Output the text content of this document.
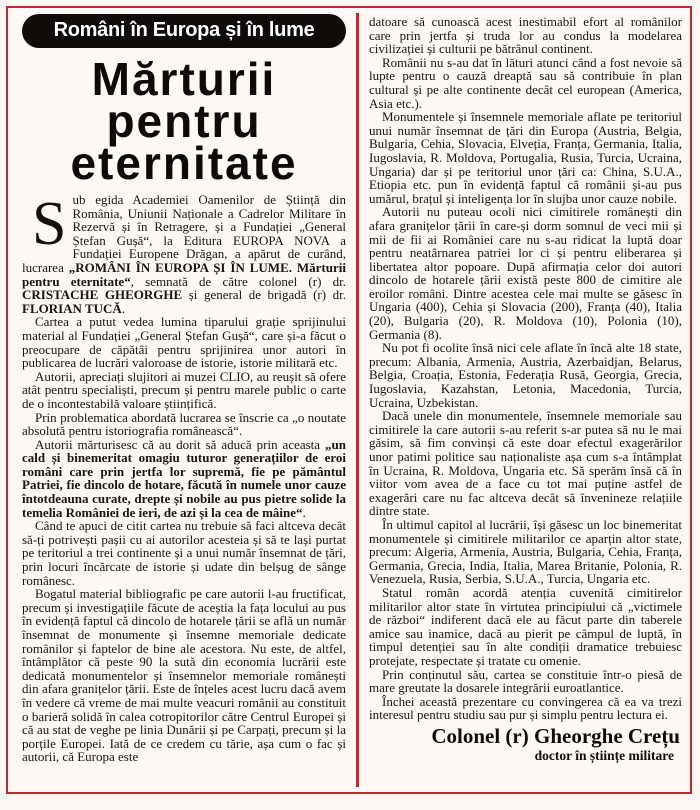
Români în Europa și în lume
Mărturii
pentru
eternitate

Sub egida Academiei Oamenilor de Știință din România, Uniunii Naționale a Cadrelor Militare în Rezervă și în Retragere, și a Fundației „General Ștefan Gușă“, la Editura EUROPA NOVA a Fundației Europene Drăgan, a apărut de curând, lucrarea „ROMÂNI ÎN EUROPA ȘI ÎN LUME. Mărturii pentru eternitate“, semnată de către colonel (r) dr. CRISTACHE GHEORGHE și general de brigadă (r) dr. FLORIAN TUCĂ.

Cartea a putut vedea lumina tiparului grație sprijinului material al Fundației „General Ștefan Gușă“, care și-a făcut o preocupare de căpătâi pentru sprijinirea unor autori în publicarea de lucrări valoroase de istorie, istorie militară etc.

Autorii, apreciați slujitori ai muzei CLIO, au reușit să ofere atât pentru specialiști, precum și pentru marele public o carte de o incontestabilă valoare științifică.

Prin problematica abordată lucrarea se înscrie ca „o noutate absolută pentru istoriografia românească“.

Autorii mărturisesc că au dorit să aducă prin aceasta „un cald și binemeritat omagiu tuturor generațiilor de eroi români care prin jertfa lor supremă, fie pe pământul Patriei, fie dincolo de hotare, făcută în numele unor cauze întotdeauna curate, drepte și nobile au pus pietre solide la temelia României de ieri, de azi și la cea de mâine“.

Când te apuci de citit cartea nu trebuie să faci altceva decât să-ți potrivești pașii cu ai autorilor acesteia și să te lași purtat pe teritoriul a trei continente și a unui număr însemnat de țări, prin locuri încărcate de istorie și udate din belșug de sânge românesc.

Bogatul material bibliografic pe care autorii l-au fructificat, precum și investigațiile făcute de aceștia la fața locului au pus în evidență faptul că dincolo de hotarele țării se află un număr însemnat de monumente și însemne memoriale dedicate românilor și faptelor de bine ale acestora. Nu este, de altfel, întâmplător că peste 90 la sută din economia lucrării este dedicată monumentelor și însemnelor memoriale românești din afara granițelor țării. Este de înțeles acest lucru dacă avem în vedere că vreme de mai multe veacuri românii au constituit o barieră solidă în calea cotropitorilor către Centrul Europei și că au stat de veghe pe linia Dunării și pe Carpați, precum și la porțile Europei. Iată de ce credem cu tărie, așa cum o fac și autorii, că Europa este

datoare să cunoască acest inestimabil efort al românilor care prin jertfa și truda lor au condus la modelarea civilizației și culturii pe bătrânul continent.

Românii nu s-au dat în lături atunci când a fost nevoie să lupte pentru o cauză dreaptă sau să contribuie în plan cultural și pe alte continente decât cel european (America, Asia etc.).

Monumentele și însemnele memoriale aflate pe teritoriul unui număr însemnat de țări din Europa (Austria, Belgia, Bulgaria, Cehia, Slovacia, Elveția, Franța, Germania, Italia, Iugoslavia, R. Moldova, Portugalia, Rusia, Turcia, Ucraina, Ungaria) dar și pe teritoriul unor țări ca: China, S.U.A., Etiopia etc. pun în evidență faptul că românii și-au pus umărul, brațul și inteligența lor în slujba unor cauze nobile.

Autorii nu puteau ocoli nici cimitirele românești din afara granițelor țării în care-și dorm somnul de veci mii și mii de fii ai României care nu s-au ridicat la luptă doar pentru neatârnarea patriei lor ci și pentru eliberarea și libertatea altor popoare. După afirmația celor doi autori dincolo de hotarele țării există peste 800 de cimitire ale eroilor români. Dintre acestea cele mai multe se găsesc în Ungaria (400), Cehia și Slovacia (200), Franța (40), Italia (20), Bulgaria (20), R. Moldova (10), Polonia (10), Germania (8).

Nu pot fi ocolite însă nici cele aflate în încă alte 18 state, precum: Albania, Armenia, Austria, Azerbaidjan, Belarus, Belgia, Croația, Estonia, Federația Rusă, Georgia, Grecia, Iugoslavia, Kazahstan, Letonia, Macedonia, Turcia, Ucraina, Uzbekistan.

Dacă unele din monumentele, însemnele memoriale sau cimitirele la care autorii s-au referit s-ar putea să nu le mai găsim, să fim convinși că este doar efectul exagerărilor unor patimi politice sau naționaliste așa cum s-a întâmplat în Ucraina, R. Moldova, Ungaria etc. Să sperăm însă că în viitor vom avea de a face cu tot mai puține astfel de exagerări care nu fac altceva decât să învenineze relațiile dintre state.

În ultimul capitol al lucrării, își găsesc un loc binemeritat monumentele și cimitirele militarilor ce aparțin altor state, precum: Algeria, Armenia, Austria, Bulgaria, Cehia, Franța, Germania, Grecia, India, Italia, Marea Britanie, Polonia, R. Venezuela, Rusia, Serbia, S.U.A., Turcia, Ungaria etc.

Statul român acordă atenția cuvenită cimitirelor militarilor altor state în virtutea principiului că „victimele de război“ indiferent dacă ele au făcut parte din taberele amice sau inamice, dacă au pierit pe câmpul de luptă, în timpul detenției sau în alte condiții dramatice trebuiesc protejate, respectate și tratate cu omenie.

Prin conținutul său, cartea se constituie într-o piesă de mare greutate la dosarele integrării euroatlantice.

Închei această prezentare cu convingerea că ea va trezi interesul pentru studiu sau pur și simplu pentru lectura ei.

Colonel (r) Gheorghe Crețu
doctor în științe militare
